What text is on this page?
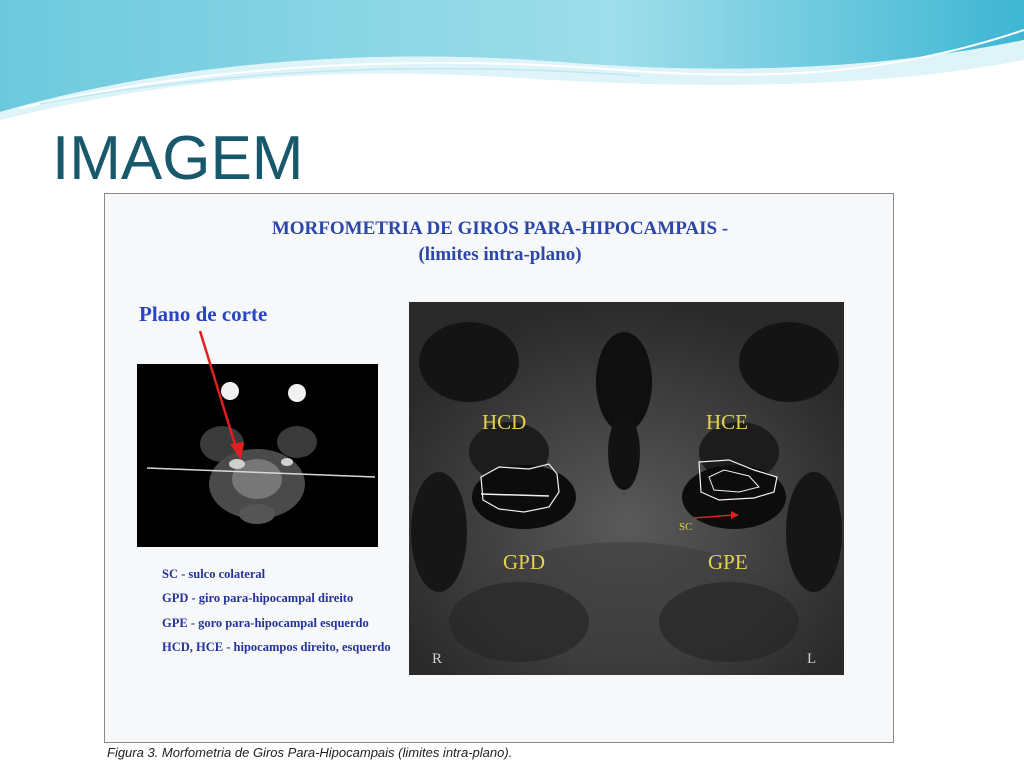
IMAGEM
MORFOMETRIA DE GIROS PARA-HIPOCAMPAIS -
(limites intra-plano)
Plano de corte
HCD	HCE
GPD	GPE
SC
R	L
SC - sulco colateral
GPD - giro para-hipocampal direito
GPE - goro para-hipocampal esquerdo
HCD, HCE - hipocampos direito, esquerdo
Figura 3. Morfometria de Giros Para-Hipocampais (limites intra-plano).
